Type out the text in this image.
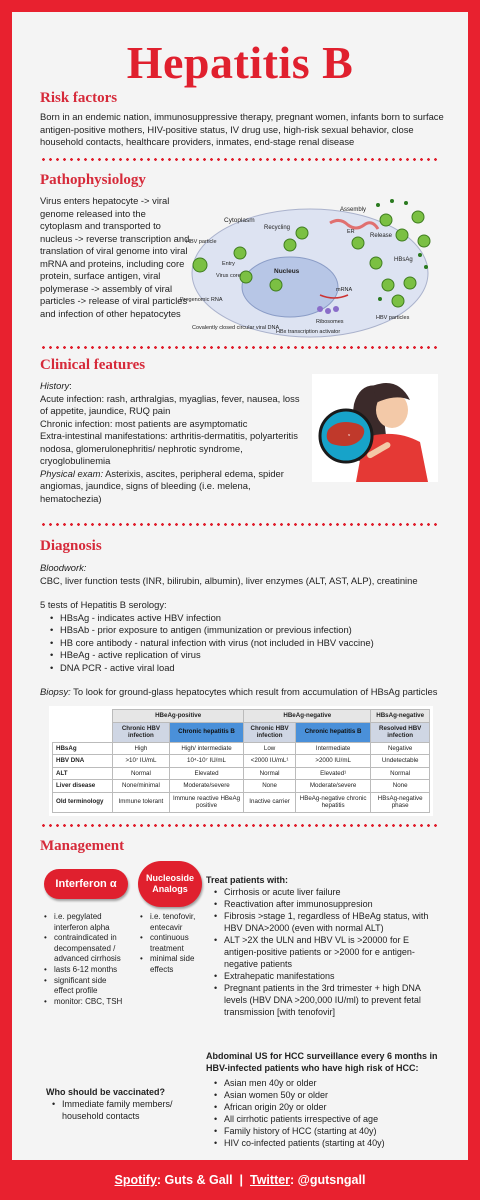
Hepatitis B
Risk factors
Born in an endemic nation, immunosuppressive therapy, pregnant women, infants born to surface antigen-positive mothers, HIV-positive status, IV drug use, high-risk sexual behavior, close household contacts, healthcare providers, inmates, end-stage renal disease
Pathophysiology
Virus enters hepatocyte -> viral genome released into the cytoplasm and transported to nucleus -> reverse transcription and translation of viral genome into viral mRNA and proteins, including core protein, surface antigen, viral polymerase -> assembly of viral particles -> release of viral particles and infection of other hepatocytes
Cytoplasm
HBV particle
Entry
Virus core
Recycling
Assembly
ER
Release
HBsAg
Nucleus
mRNA
Ribosomes
HBV particles
Pregenomic RNA
Covalently closed circular viral DNA
HBx transcription activator
Clinical features
History:
Acute infection: rash, arthralgias, myaglias, fever, nausea, loss of appetite, jaundice, RUQ pain
Chronic infection: most patients are asymptomatic
Extra-intestinal manifestations: arthritis-dermatitis, polyarteritis nodosa, glomerulonephritis/ nephrotic syndrome, cryoglobulinemia
Physical exam: Asterixis, ascites, peripheral edema, spider angiomas, jaundice, signs of bleeding (i.e. melena, hematochezia)
ᵛ
Diagnosis
Bloodwork:
CBC, liver function tests (INR, bilirubin, albumin), liver enzymes (ALT, AST, ALP), creatinine
5 tests of Hepatitis B serology:
• HBsAg - indicates active HBV infection
• HBsAb - prior exposure to antigen (immunization or previous infection)
• HB core antibody - natural infection with virus (not included in HBV vaccine)
• HBeAg - active replication of virus
• DNA PCR - active viral load
Biopsy: To look for ground-glass hepatocytes which result from accumulation of HBsAg particles
	HBeAg-positive		HBeAg-negative		HBsAg-negative
	Chronic HBV infection	Chronic hepatitis B	Chronic HBV infection	Chronic hepatitis B	Resolved HBV infection
HBsAg	High	High/ intermediate	Low	Intermediate	Negative
HBV DNA	>10⁷ IU/mL	10⁴-10⁷ IU/mL	<2000 IU/mL¹	>2000 IU/mL	Undetectable
ALT	Normal	Elevated	Normal	Elevated¹	Normal
Liver disease	None/minimal	Moderate/severe	None	Moderate/severe	None
Old terminology	Immune tolerant	Immune reactive HBeAg positive	Inactive carrier	HBeAg-negative chronic hepatitis	HBsAg-negative phase
Management
Interferon α	Nucleoside Analogs
• i.e. pegylated interferon alpha
• contraindicated in decompensated / advanced cirrhosis
• lasts 6-12 months
• significant side effect profile
• monitor: CBC, TSH
• i.e. tenofovir, entecavir
• continuous treatment
• minimal side effects
Treat patients with:
• Cirrhosis or acute liver failure
• Reactivation after immunosuppresion
• Fibrosis >stage 1, regardless of HBeAg status, with HBV DNA>2000 (even with normal ALT)
• ALT >2X the ULN and HBV VL is >20000 for E antigen-positive patients or >2000 for e antigen-negative patients
• Extrahepatic manifestations
• Pregnant patients in the 3rd trimester + high DNA levels (HBV DNA >200,000 IU/ml) to prevent fetal transmission [with tenofovir]
Abdominal US for HCC surveillance every 6 months in HBV-infected patients who have high risk of HCC:
• Asian men 40y or older
• Asian women 50y or older
• African origin 20y or older
• All cirrhotic patients irrespective of age
• Family history of HCC (starting at 40y)
• HIV co-infected patients (starting at 40y)
Who should be vaccinated?
• Immediate family members/ household contacts
Spotify: Guts & Gall  |  Twitter: @gutsngall
